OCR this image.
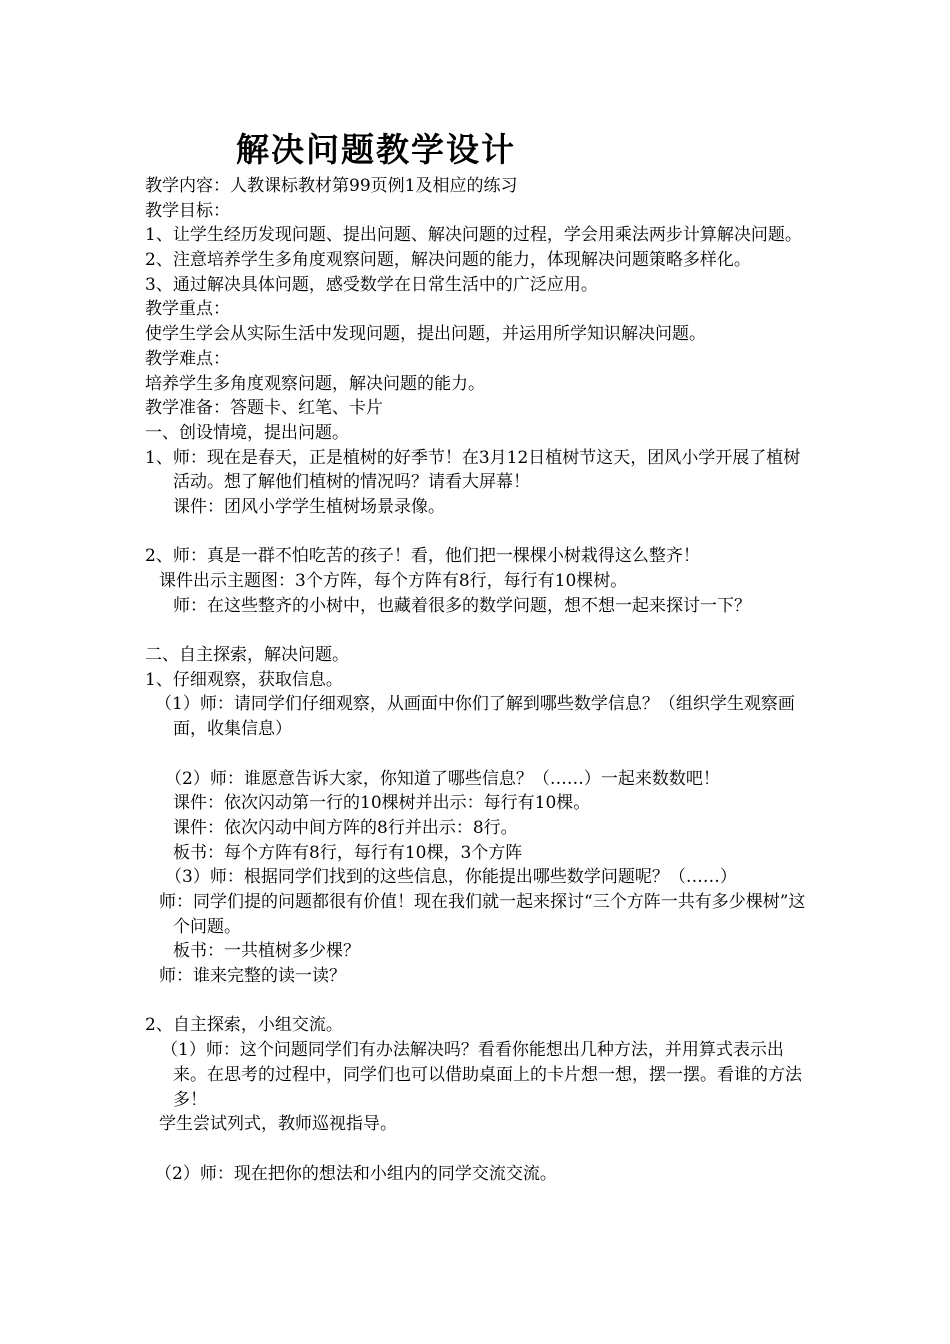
解决问题教学设计
教学内容：人教课标教材第99页例1及相应的练习
教学目标：
1、让学生经历发现问题、提出问题、解决问题的过程，学会用乘法两步计算解决问题。
2、注意培养学生多角度观察问题，解决问题的能力，体现解决问题策略多样化。
3、通过解决具体问题，感受数学在日常生活中的广泛应用。
教学重点：
使学生学会从实际生活中发现问题，提出问题，并运用所学知识解决问题。
教学难点：
培养学生多角度观察问题，解决问题的能力。
教学准备：答题卡、红笔、卡片
一、创设情境，提出问题。
1、师：现在是春天，正是植树的好季节！在3月12日植树节这天，团风小学开展了植树活动。想了解他们植树的情况吗？请看大屏幕！
课件：团风小学学生植树场景录像。
2、师：真是一群不怕吃苦的孩子！看，他们把一棵棵小树栽得这么整齐！
课件出示主题图：3个方阵，每个方阵有8行，每行有10棵树。
师：在这些整齐的小树中，也藏着很多的数学问题，想不想一起来探讨一下？
二、自主探索，解决问题。
1、仔细观察，获取信息。
（1）师：请同学们仔细观察，从画面中你们了解到哪些数学信息？（组织学生观察画面，收集信息）
（2）师：谁愿意告诉大家，你知道了哪些信息？（……）一起来数数吧！
课件：依次闪动第一行的10棵树并出示：每行有10棵。
课件：依次闪动中间方阵的8行并出示：8行。
板书：每个方阵有8行，每行有10棵，3个方阵
（3）师：根据同学们找到的这些信息，你能提出哪些数学问题呢？（……）
师：同学们提的问题都很有价值！现在我们就一起来探讨“三个方阵一共有多少棵树”这个问题。
板书：一共植树多少棵？
师：谁来完整的读一读？
2、自主探索，小组交流。
（1）师：这个问题同学们有办法解决吗？看看你能想出几种方法，并用算式表示出来。在思考的过程中，同学们也可以借助桌面上的卡片想一想，摆一摆。看谁的方法多！
学生尝试列式，教师巡视指导。
（2）师：现在把你的想法和小组内的同学交流交流。
